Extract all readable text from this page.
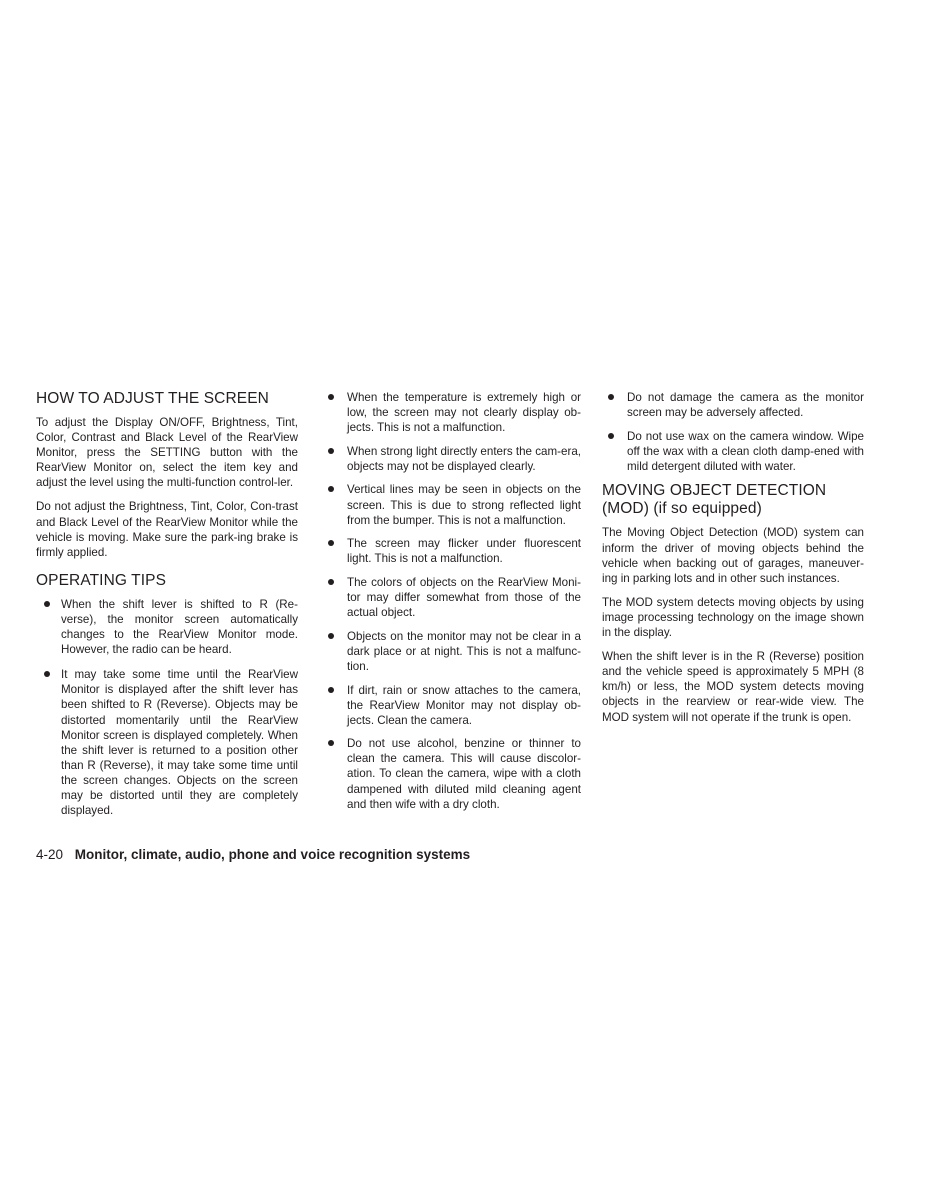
HOW TO ADJUST THE SCREEN

To adjust the Display ON/OFF, Brightness, Tint, Color, Contrast and Black Level of the RearView Monitor, press the SETTING button with the RearView Monitor on, select the item key and adjust the level using the multi-function control-ler.

Do not adjust the Brightness, Tint, Color, Con-trast and Black Level of the RearView Monitor while the vehicle is moving. Make sure the park-ing brake is firmly applied.

OPERATING TIPS
When the shift lever is shifted to R (Re-verse), the monitor screen automatically changes to the RearView Monitor mode. However, the radio can be heard.
It may take some time until the RearView Monitor is displayed after the shift lever has been shifted to R (Reverse). Objects may be distorted momentarily until the RearView Monitor screen is displayed completely. When the shift lever is returned to a position other than R (Reverse), it may take some time until the screen changes. Objects on the screen may be distorted until they are completely displayed.
When the temperature is extremely high or low, the screen may not clearly display ob-jects. This is not a malfunction.
When strong light directly enters the cam-era, objects may not be displayed clearly.
Vertical lines may be seen in objects on the screen. This is due to strong reflected light from the bumper. This is not a malfunction.
The screen may flicker under fluorescent light. This is not a malfunction.
The colors of objects on the RearView Moni-tor may differ somewhat from those of the actual object.
Objects on the monitor may not be clear in a dark place or at night. This is not a malfunc-tion.
If dirt, rain or snow attaches to the camera, the RearView Monitor may not display ob-jects. Clean the camera.
Do not use alcohol, benzine or thinner to clean the camera. This will cause discolor-ation. To clean the camera, wipe with a cloth dampened with diluted mild cleaning agent and then wife with a dry cloth.
Do not damage the camera as the monitor screen may be adversely affected.
Do not use wax on the camera window. Wipe off the wax with a clean cloth damp-ened with mild detergent diluted with water.
MOVING OBJECT DETECTION
(MOD) (if so equipped)

The Moving Object Detection (MOD) system can inform the driver of moving objects behind the vehicle when backing out of garages, maneuver-ing in parking lots and in other such instances.

The MOD system detects moving objects by using image processing technology on the image shown in the display.

When the shift lever is in the R (Reverse) position and the vehicle speed is approximately 5 MPH (8 km/h) or less, the MOD system detects moving objects in the rearview or rear-wide view. The MOD system will not operate if the trunk is open.

4-20 Monitor, climate, audio, phone and voice recognition systems
